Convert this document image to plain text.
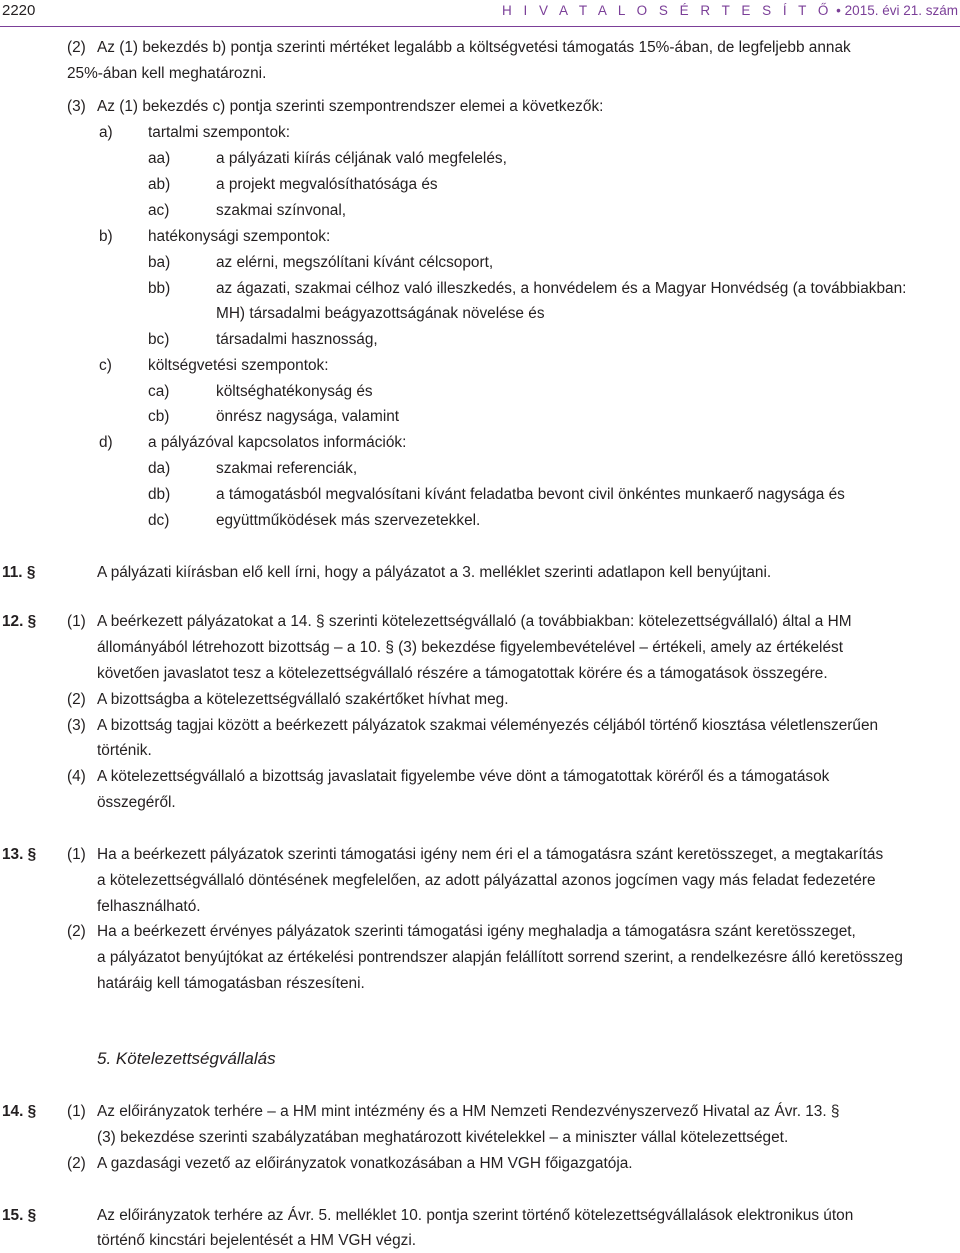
2220	H I V A T A L O S É R T E S Í T Ő • 2015. évi 21. szám
(2) Az (1) bekezdés b) pontja szerinti mértéket legalább a költségvetési támogatás 15%-ában, de legfeljebb annak
25%-ában kell meghatározni.
(3) Az (1) bekezdés c) pontja szerinti szempontrendszer elemei a következők:
a) tartalmi szempontok:
aa)	a pályázati kiírás céljának való megfelelés,
ab)	a projekt megvalósíthatósága és
ac)	szakmai színvonal,
b) hatékonysági szempontok:
ba)	az elérni, megszólítani kívánt célcsoport,
bb)	az ágazati, szakmai célhoz való illeszkedés, a honvédelem és a Magyar Honvédség (a továbbiakban:
MH) társadalmi beágyazottságának növelése és
bc)	társadalmi hasznosság,
c) költségvetési szempontok:
ca)	költséghatékonyság és
cb)	önrész nagysága, valamint
d) a pályázóval kapcsolatos információk:
da)	szakmai referenciák,
db)	a támogatásból megvalósítani kívánt feladatba bevont civil önkéntes munkaerő nagysága és
dc)	együttműködések más szervezetekkel.
11. §	A pályázati kiírásban elő kell írni, hogy a pályázatot a 3. melléklet szerinti adatlapon kell benyújtani.
12. § (1) A beérkezett pályázatokat a 14. § szerinti kötelezettségvállaló (a továbbiakban: kötelezettségvállaló) által a HM
állományából létrehozott bizottság – a 10. § (3) bekezdése figyelembevételével – értékeli, amely az értékelést
követően javaslatot tesz a kötelezettségvállaló részére a támogatottak körére és a támogatások összegére.
(2) A bizottságba a kötelezettségvállaló szakértőket hívhat meg.
(3) A bizottság tagjai között a beérkezett pályázatok szakmai véleményezés céljából történő kiosztása véletlenszerűen
történik.
(4) A kötelezettségvállaló a bizottság javaslatait figyelembe véve dönt a támogatottak köréről és a támogatások
összegéről.
13. § (1) Ha a beérkezett pályázatok szerinti támogatási igény nem éri el a támogatásra szánt keretösszeget, a megtakarítás
a kötelezettségvállaló döntésének megfelelően, az adott pályázattal azonos jogcímen vagy más feladat fedezetére
felhasználható.
(2) Ha a beérkezett érvényes pályázatok szerinti támogatási igény meghaladja a támogatásra szánt keretösszeget,
a pályázatot benyújtókat az értékelési pontrendszer alapján felállított sorrend szerint, a rendelkezésre álló keretösszeg
határáig kell támogatásban részesíteni.
5. Kötelezettségvállalás
14. § (1) Az előirányzatok terhére – a HM mint intézmény és a HM Nemzeti Rendezvényszervező Hivatal az Ávr. 13. §
(3) bekezdése szerinti szabályzatában meghatározott kivételekkel – a miniszter vállal kötelezettséget.
(2) A gazdasági vezető az előirányzatok vonatkozásában a HM VGH főigazgatója.
15. §	Az előirányzatok terhére az Ávr. 5. melléklet 10. pontja szerint történő kötelezettségvállalások elektronikus úton
történő kincstári bejelentését a HM VGH végzi.
